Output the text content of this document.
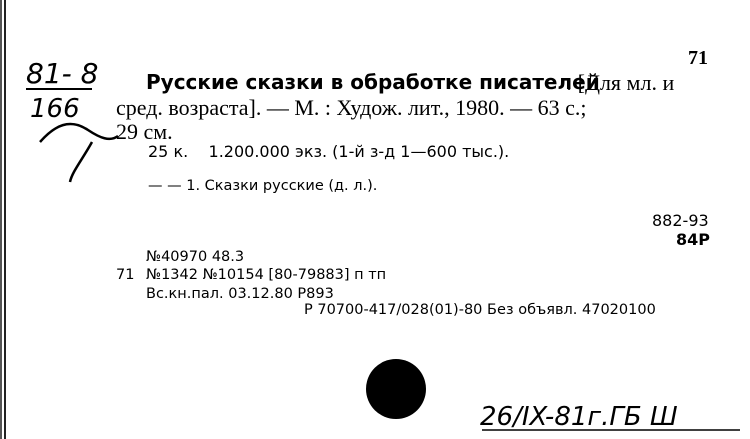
71
81- 8
166
Русские сказки в обработке писателей
: [Для мл. и
сред. возраста]. — М. : Худож. лит., 1980. — 63 с.;
29 см.
25 к.    1.200.000 экз. (1-й з-д 1—600 тыс.).
— — 1. Сказки русские (д. л.).
882-93
84Р
№40970 48.3
71 №1342 №10154 [80-79883] п тп
Вс.кн.пал. 03.12.80 Р893
Р 70700-417/028(01)-80 Без объявл. 47020100
26/IX-81г.ГБ Ш
